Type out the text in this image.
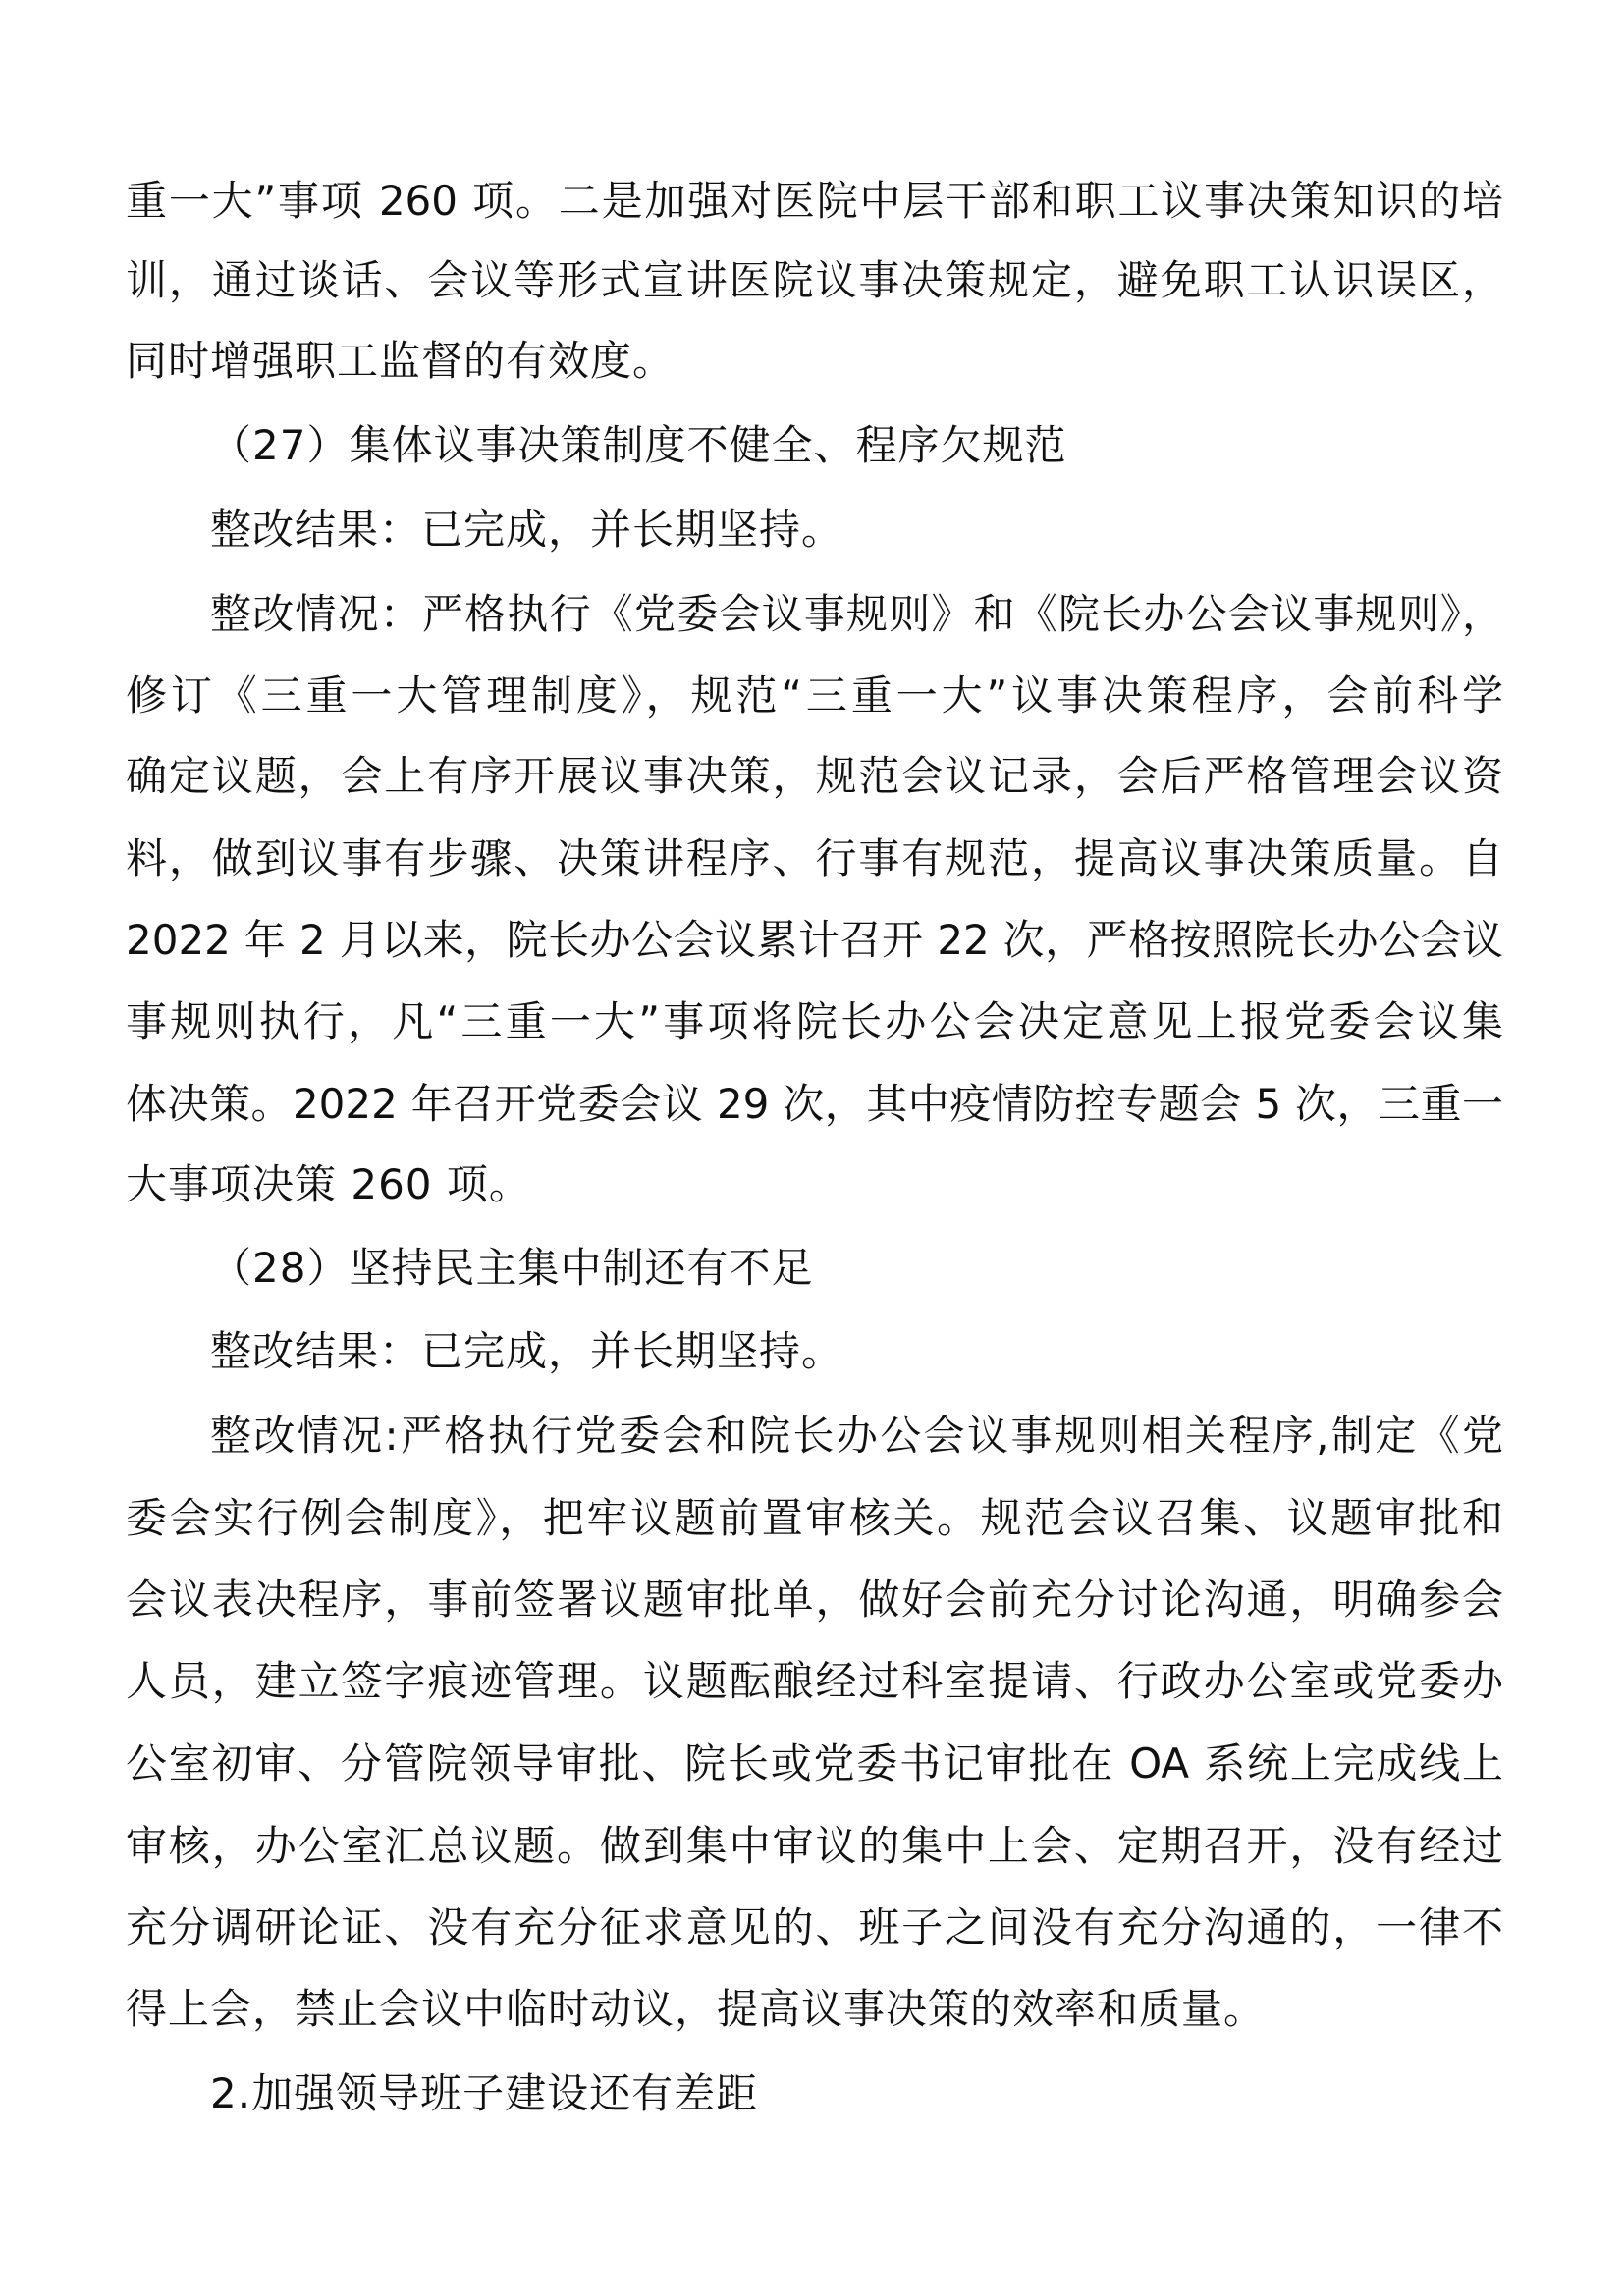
重一大”事项 260 项。二是加强对医院中层干部和职工议事决策知识的培
训，通过谈话、会议等形式宣讲医院议事决策规定，避免职工认识误区，
同时增强职工监督的有效度。
（27）集体议事决策制度不健全、程序欠规范
整改结果：已完成，并长期坚持。
整改情况：严格执行《党委会议事规则》和《院长办公会议事规则》，
修订《三重一大管理制度》，规范“三重一大”议事决策程序，会前科学
确定议题，会上有序开展议事决策，规范会议记录，会后严格管理会议资
料，做到议事有步骤、决策讲程序、行事有规范，提高议事决策质量。自
2022 年 2 月以来，院长办公会议累计召开 22 次，严格按照院长办公会议
事规则执行，凡“三重一大”事项将院长办公会决定意见上报党委会议集
体决策。2022 年召开党委会议 29 次，其中疫情防控专题会 5 次，三重一
大事项决策 260 项。
（28）坚持民主集中制还有不足
整改结果：已完成，并长期坚持。
整改情况:严格执行党委会和院长办公会议事规则相关程序,制定《党
委会实行例会制度》，把牢议题前置审核关。规范会议召集、议题审批和
会议表决程序，事前签署议题审批单，做好会前充分讨论沟通，明确参会
人员，建立签字痕迹管理。议题酝酿经过科室提请、行政办公室或党委办
公室初审、分管院领导审批、院长或党委书记审批在 OA 系统上完成线上
审核，办公室汇总议题。做到集中审议的集中上会、定期召开，没有经过
充分调研论证、没有充分征求意见的、班子之间没有充分沟通的，一律不
得上会，禁止会议中临时动议，提高议事决策的效率和质量。
2.加强领导班子建设还有差距
